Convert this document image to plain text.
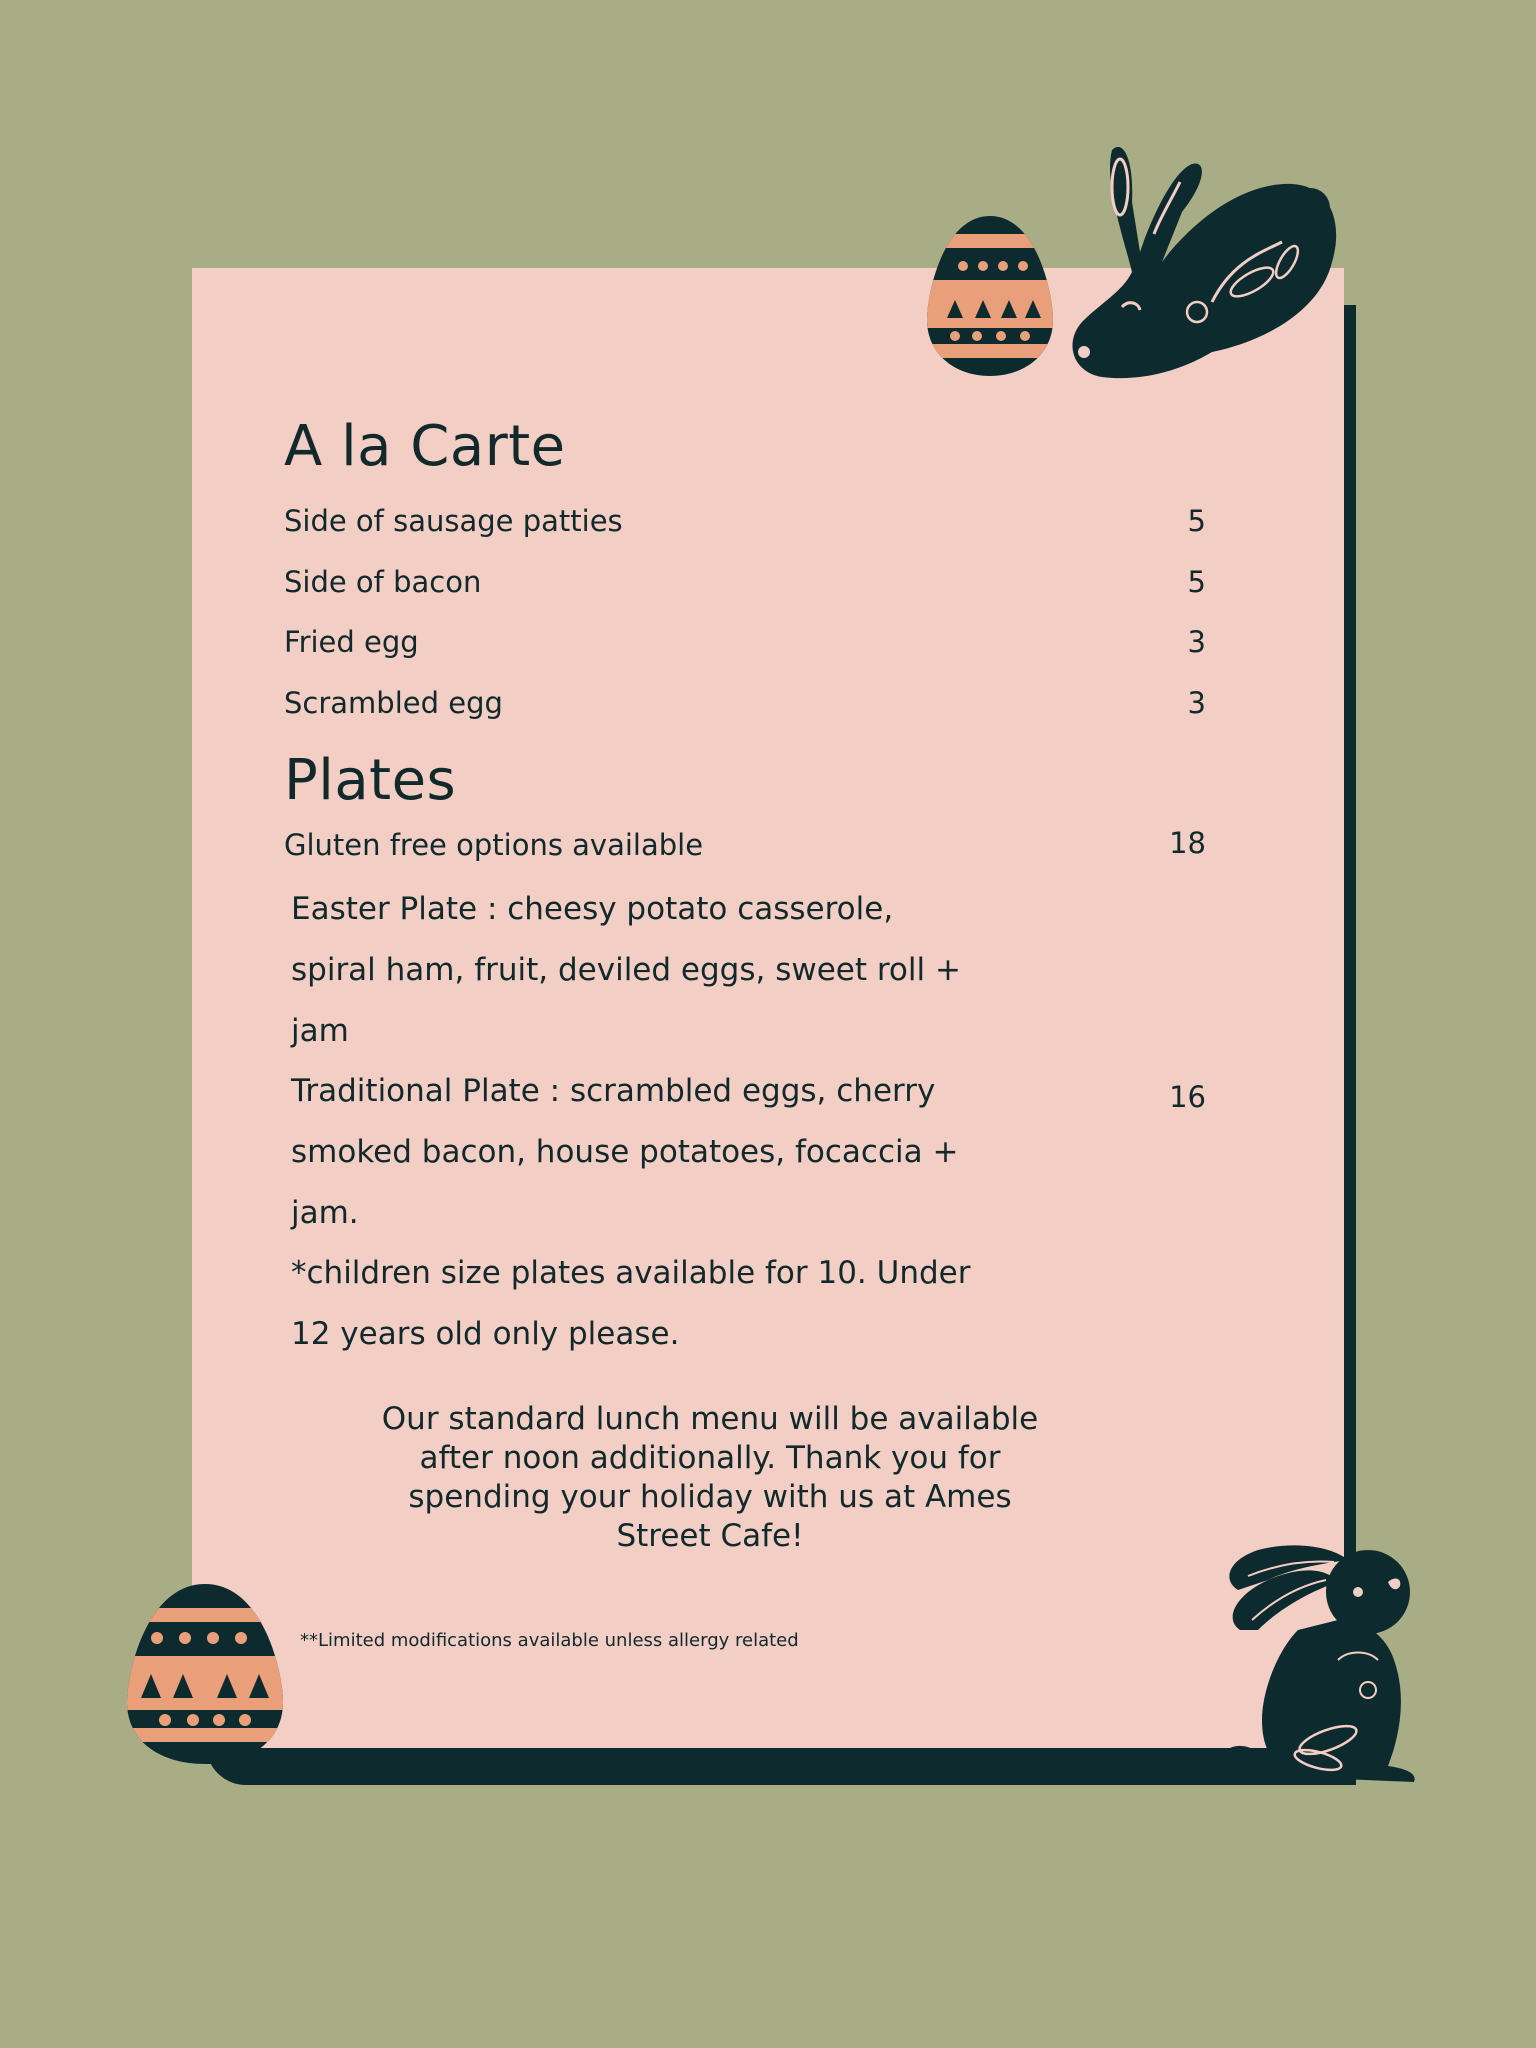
A la Carte
Side of sausage patties	5
Side of bacon	5
Fried egg	3
Scrambled egg	3
Plates
Gluten free options available	18
Easter Plate : cheesy potato casserole,
spiral ham, fruit, deviled eggs, sweet roll +
jam
Traditional Plate : scrambled eggs, cherry	16
smoked bacon, house potatoes, focaccia +
jam.
*children size plates available for 10. Under
12 years old only please.
Our standard lunch menu will be available after noon additionally. Thank you for spending your holiday with us at Ames Street Cafe!
**Limited modifications available unless allergy related
